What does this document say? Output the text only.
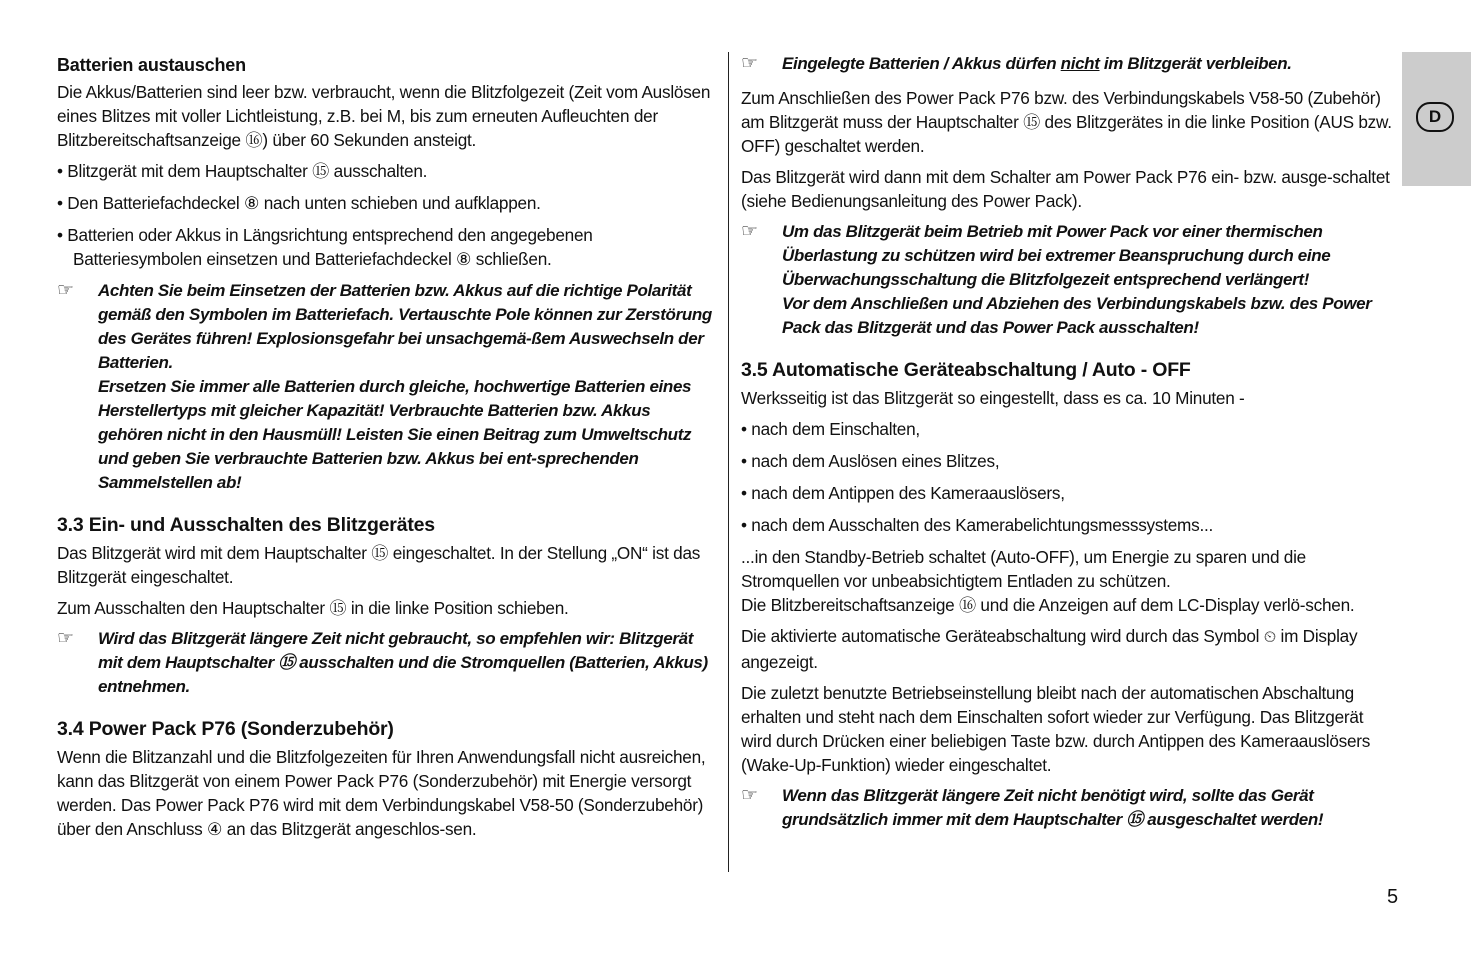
Batterien austauschen

Die Akkus/Batterien sind leer bzw. verbraucht, wenn die Blitzfolgezeit (Zeit vom Auslösen eines Blitzes mit voller Lichtleistung, z.B. bei M, bis zum erneuten Aufleuchten der Blitzbereitschaftsanzeige ⑯) über 60 Sekunden ansteigt.

• Blitzgerät mit dem Hauptschalter ⑮ ausschalten.

• Den Batteriefachdeckel ⑧ nach unten schieben und aufklappen.

• Batterien oder Akkus in Längsrichtung entsprechend den angegebenen Batteriesymbolen einsetzen und Batteriefachdeckel ⑧ schließen.

☞	Achten Sie beim Einsetzen der Batterien bzw. Akkus auf die richtige Polarität gemäß den Symbolen im Batteriefach. Vertauschte Pole können zur Zerstörung des Gerätes führen! Explosionsgefahr bei unsachgemä-ßem Auswechseln der Batterien.
Ersetzen Sie immer alle Batterien durch gleiche, hochwertige Batterien eines Herstellertyps mit gleicher Kapazität! Verbrauchte Batterien bzw. Akkus gehören nicht in den Hausmüll! Leisten Sie einen Beitrag zum Umweltschutz und geben Sie verbrauchte Batterien bzw. Akkus bei ent-sprechenden Sammelstellen ab!
3.3 Ein- und Ausschalten des Blitzgerätes

Das Blitzgerät wird mit dem Hauptschalter ⑮ eingeschaltet. In der Stellung „ON“ ist das Blitzgerät eingeschaltet.

Zum Ausschalten den Hauptschalter ⑮ in die linke Position schieben.

☞	Wird das Blitzgerät längere Zeit nicht gebraucht, so empfehlen wir: Blitzgerät mit dem Hauptschalter ⑮ ausschalten und die Stromquellen (Batterien, Akkus) entnehmen.
3.4 Power Pack P76 (Sonderzubehör)

Wenn die Blitzanzahl und die Blitzfolgezeiten für Ihren Anwendungsfall nicht ausreichen, kann das Blitzgerät von einem Power Pack P76 (Sonderzubehör) mit Energie versorgt werden. Das Power Pack P76 wird mit dem Verbindungskabel V58-50 (Sonderzubehör) über den Anschluss ④ an das Blitzgerät angeschlos-sen.

☞	Eingelegte Batterien / Akkus dürfen nicht im Blitzgerät verbleiben.

Zum Anschließen des Power Pack P76 bzw. des Verbindungskabels V58-50 (Zubehör) am Blitzgerät muss der Hauptschalter ⑮ des Blitzgerätes in die linke Position (AUS bzw. OFF) geschaltet werden.

Das Blitzgerät wird dann mit dem Schalter am Power Pack P76 ein- bzw. ausge-schaltet (siehe Bedienungsanleitung des Power Pack).

☞	Um das Blitzgerät beim Betrieb mit Power Pack vor einer thermischen Überlastung zu schützen wird bei extremer Beanspruchung durch eine Überwachungsschaltung die Blitzfolgezeit entsprechend verlängert!
Vor dem Anschließen und Abziehen des Verbindungskabels bzw. des Power Pack das Blitzgerät und das Power Pack ausschalten!
3.5 Automatische Geräteabschaltung / Auto - OFF

Werksseitig ist das Blitzgerät so eingestellt, dass es ca. 10 Minuten -

• nach dem Einschalten,

• nach dem Auslösen eines Blitzes,

• nach dem Antippen des Kameraauslösers,

• nach dem Ausschalten des Kamerabelichtungsmesssystems...

...in den Standby-Betrieb schaltet (Auto-OFF), um Energie zu sparen und die Stromquellen vor unbeabsichtigtem Entladen zu schützen.

Die Blitzbereitschaftsanzeige ⑯ und die Anzeigen auf dem LC-Display verlö-schen.

Die aktivierte automatische Geräteabschaltung wird durch das Symbol ⏲ im Display angezeigt.

Die zuletzt benutzte Betriebseinstellung bleibt nach der automatischen Abschaltung erhalten und steht nach dem Einschalten sofort wieder zur Verfügung. Das Blitzgerät wird durch Drücken einer beliebigen Taste bzw. durch Antippen des Kameraauslösers (Wake-Up-Funktion) wieder eingeschaltet.

☞	Wenn das Blitzgerät längere Zeit nicht benötigt wird, sollte das Gerät grundsätzlich immer mit dem Hauptschalter ⑮ ausgeschaltet werden!
D
5
